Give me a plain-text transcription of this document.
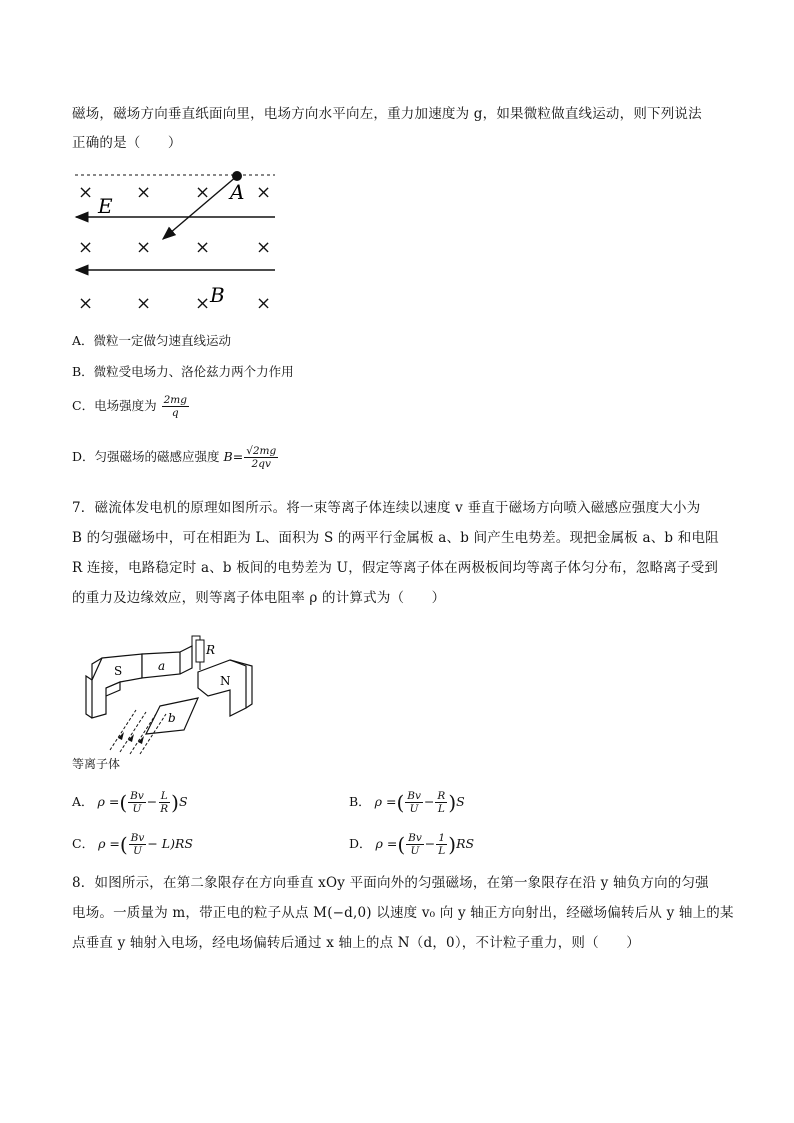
磁场，磁场方向垂直纸面向里，电场方向水平向左，重力加速度为 g，如果微粒做直线运动，则下列说法
正确的是（　　）
× × ×	×
× × ×	×
× × ×	×
E
A
B
A．微粒一定做匀速直线运动
B．微粒受电场力、洛伦兹力两个力作用
C．电场强度为 $\frac{2mg}{q}$
D．匀强磁场的磁感应强度 $B= \frac{√2mg}{2qv}$
7．磁流体发电机的原理如图所示。将一束等离子体连续以速度 v 垂直于磁场方向喷入磁感应强度大小为
B 的匀强磁场中，可在相距为 L、面积为 S 的两平行金属板 a、b 间产生电势差。现把金属板 a、b 和电阻
R 连接，电路稳定时 a、b 板间的电势差为 U，假定等离子体在两极板间均等离子体匀分布，忽略离子受到
的重力及边缘效应，则等离子体电阻率 ρ 的计算式为（　　）
S	a
N
b
R
等离子体
A． ρ =( $\frac{Bv}{U} - \frac{L}{R} )S$	B． ρ =( $\frac{Bv}{U} - \frac{R}{L} )S$
C． ρ =( $\frac{Bv}{U} - L)RS$	D． ρ =( $\frac{Bv}{U} - \frac{1}{L} )RS$
8．如图所示，在第二象限存在方向垂直 xOy 平面向外的匀强磁场，在第一象限存在沿 y 轴负方向的匀强
电场。一质量为 m，带正电的粒子从点 M(−d,0) 以速度 v₀ 向 y 轴正方向射出，经磁场偏转后从 y 轴上的某
点垂直 y 轴射入电场，经电场偏转后通过 x 轴上的点 N（d，0），不计粒子重力，则（　　）
